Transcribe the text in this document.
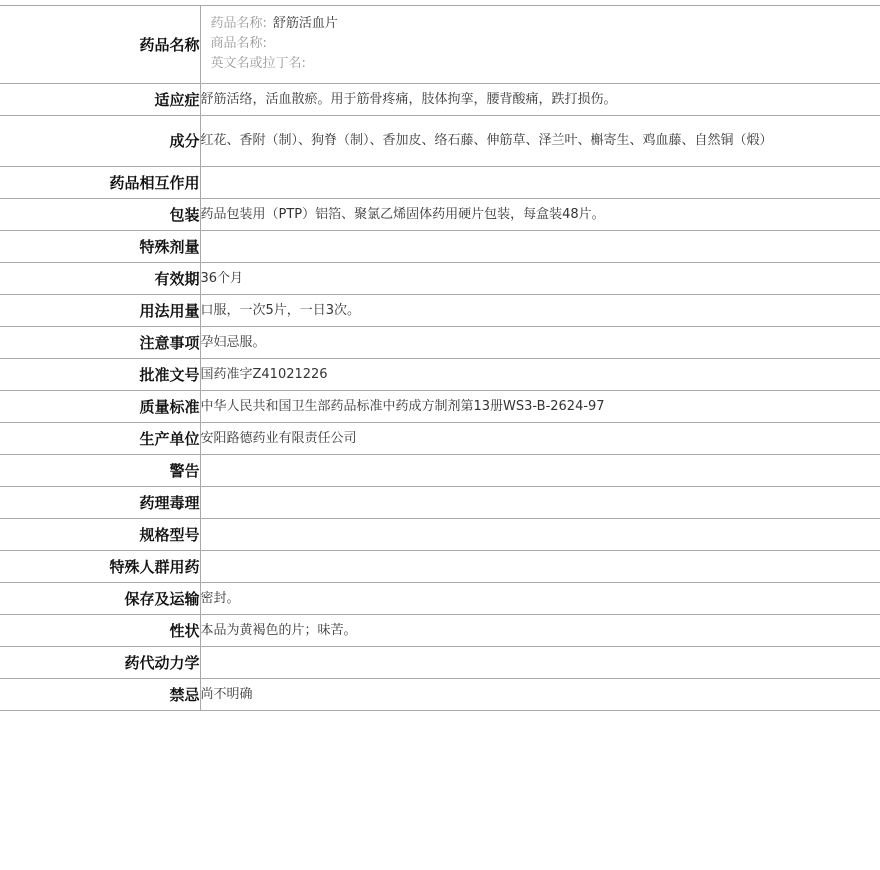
药品名称	药品名称: 舒筋活血片
商品名称:
英文名或拉丁名:

适应症	舒筋活络，活血散瘀。用于筋骨疼痛，肢体拘挛，腰背酸痛，跌打损伤。
成分	红花、香附（制）、狗脊（制）、香加皮、络石藤、伸筋草、泽兰叶、槲寄生、鸡血藤、自然铜（煅）
药品相互作用	
包装	药品包装用（PTP）铝箔、聚氯乙烯固体药用硬片包装，每盒装48片。
特殊剂量	
有效期	36个月
用法用量	口服，一次5片，一日3次。
注意事项	孕妇忌服。
批准文号	国药准字Z41021226
质量标准	中华人民共和国卫生部药品标准中药成方制剂第13册WS3-B-2624-97
生产单位	安阳路德药业有限责任公司
警告	
药理毒理	
规格型号	
特殊人群用药	
保存及运输	密封。
性状	本品为黄褐色的片；味苦。
药代动力学	
禁忌	尚不明确
